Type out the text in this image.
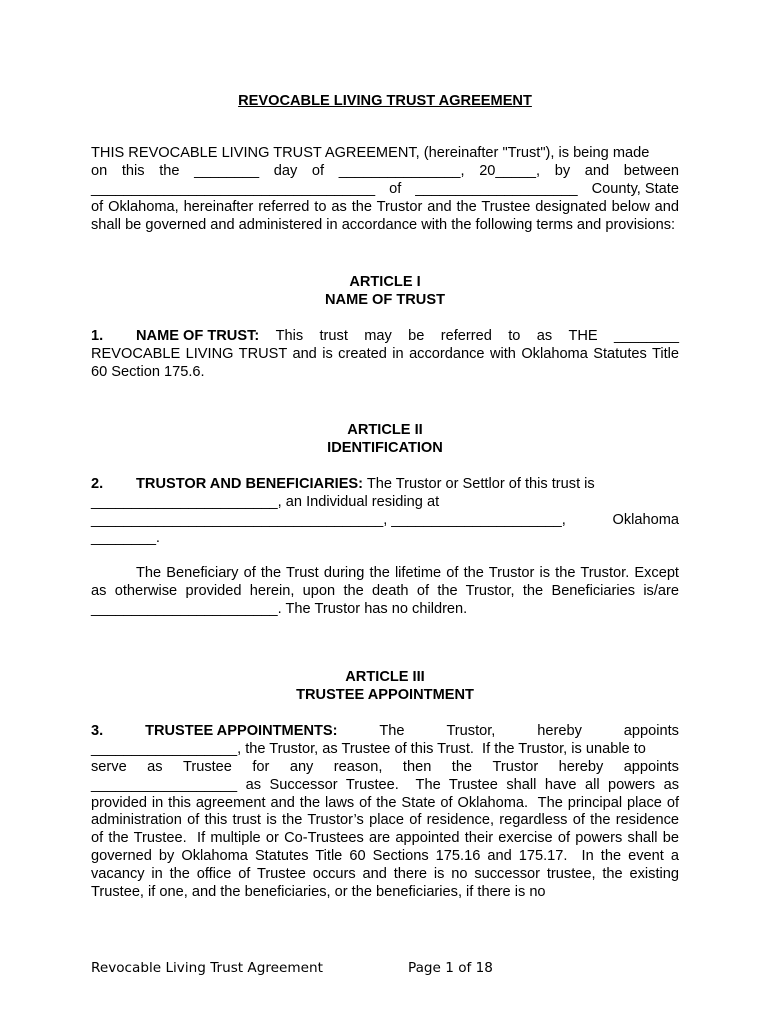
REVOCABLE LIVING TRUST AGREEMENT

THIS REVOCABLE LIVING TRUST AGREEMENT, (hereinafter "Trust"), is being made

on this the ________ day of _______________, 20_____, by and between

___________________________________ of ____________________ County, State

of Oklahoma, hereinafter referred to as the Trustor and the Trustee designated below and shall be governed and administered in accordance with the following terms and provisions:

ARTICLE I

NAME OF TRUST

1. NAME OF TRUST: This trust may be referred to as THE ________

REVOCABLE LIVING TRUST and is created in accordance with Oklahoma Statutes Title 60 Section 175.6.

ARTICLE II

IDENTIFICATION

2. TRUSTOR AND BENEFICIARIES: The Trustor or Settlor of this trust is

_______________________, an Individual residing at

____________________________________, _____________________,	Oklahoma

________.

The Beneficiary of the Trust during the lifetime of the Trustor is the Trustor. Except as otherwise provided herein, upon the death of the Trustor, the Beneficiaries is/are _______________________. The Trustor has no children.

ARTICLE III

TRUSTEE APPOINTMENT

3.	TRUSTEE APPOINTMENTS:	The	Trustor,	hereby	appoints

__________________, the Trustor, as Trustee of this Trust.  If the Trustor, is unable to

serve as Trustee for any reason, then the Trustor hereby appoints

__________________ as Successor Trustee.  The Trustee shall have all powers as provided in this agreement and the laws of the State of Oklahoma.  The principal place of administration of this trust is the Trustor’s place of residence, regardless of the residence of the Trustee.  If multiple or Co-Trustees are appointed their exercise of powers shall be governed by Oklahoma Statutes Title 60 Sections 175.16 and 175.17.  In the event a vacancy in the office of Trustee occurs and there is no successor trustee, the existing Trustee, if one, and the beneficiaries, or the beneficiaries, if there is no

Revocable Living Trust Agreement	Page 1 of 18
